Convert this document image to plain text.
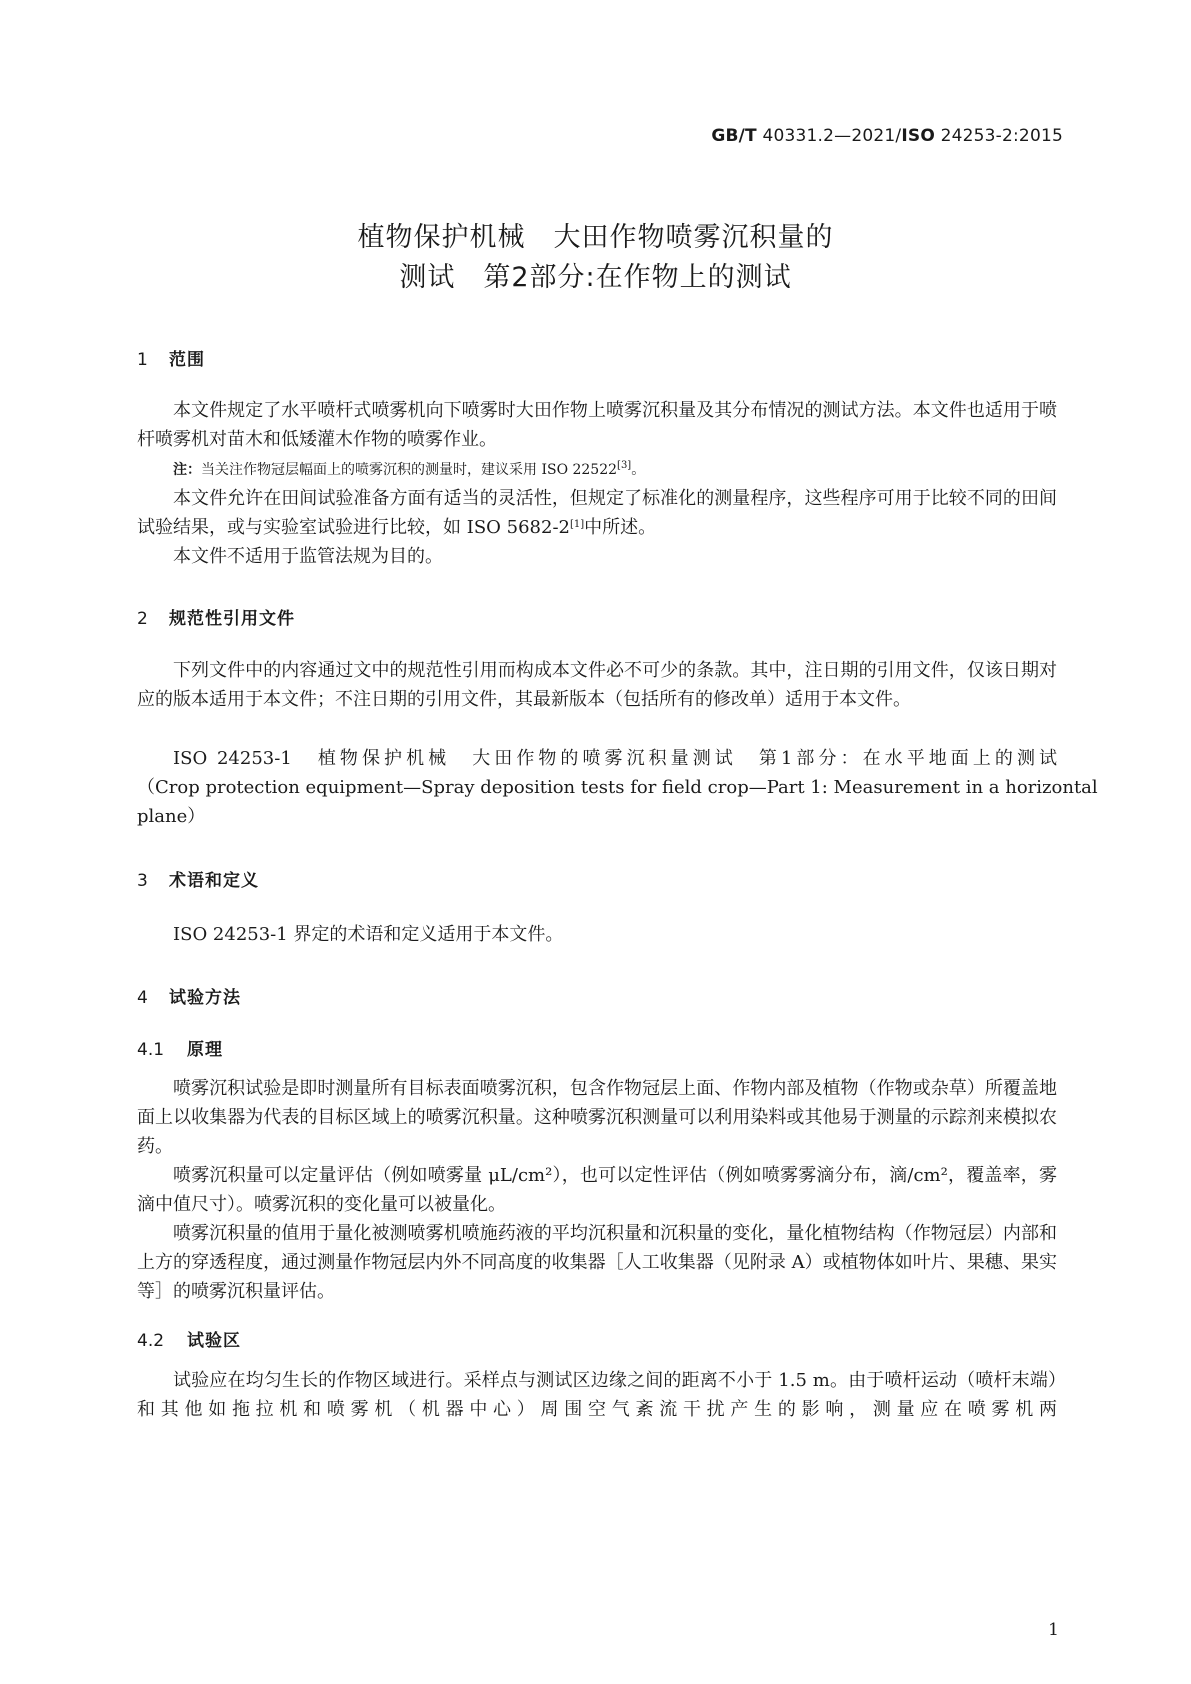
GB/T 40331.2—2021/ISO 24253-2:2015
植物保护机械　大田作物喷雾沉积量的
测试　第2部分:在作物上的测试
1 范围
本文件规定了水平喷杆式喷雾机向下喷雾时大田作物上喷雾沉积量及其分布情况的测试方法。本文件也适用于喷杆喷雾机对苗木和低矮灌木作物的喷雾作业。
注：当关注作物冠层幅面上的喷雾沉积的测量时，建议采用 ISO 22522[3]。
本文件允许在田间试验准备方面有适当的灵活性，但规定了标准化的测量程序，这些程序可用于比较不同的田间试验结果，或与实验室试验进行比较，如 ISO 5682-2[1]中所述。
本文件不适用于监管法规为目的。
2 规范性引用文件
下列文件中的内容通过文中的规范性引用而构成本文件必不可少的条款。其中，注日期的引用文件，仅该日期对应的版本适用于本文件；不注日期的引用文件，其最新版本（包括所有的修改单）适用于本文件。
ISO 24253-1　植物保护机械　大田作物的喷雾沉积量测试　第1部分：在水平地面上的测试
（Crop protection equipment—Spray deposition tests for field crop—Part 1: Measurement in a horizontal
plane）
3 术语和定义
ISO 24253-1 界定的术语和定义适用于本文件。
4 试验方法
4.1 原理
喷雾沉积试验是即时测量所有目标表面喷雾沉积，包含作物冠层上面、作物内部及植物（作物或杂草）所覆盖地面上以收集器为代表的目标区域上的喷雾沉积量。这种喷雾沉积测量可以利用染料或其他易于测量的示踪剂来模拟农药。
喷雾沉积量可以定量评估（例如喷雾量 μL/cm²），也可以定性评估（例如喷雾雾滴分布，滴/cm²，覆盖率，雾滴中值尺寸）。喷雾沉积的变化量可以被量化。
喷雾沉积量的值用于量化被测喷雾机喷施药液的平均沉积量和沉积量的变化，量化植物结构（作物冠层）内部和上方的穿透程度，通过测量作物冠层内外不同高度的收集器［人工收集器（见附录 A）或植物体如叶片、果穗、果实等］的喷雾沉积量评估。
4.2 试验区
试验应在均匀生长的作物区域进行。采样点与测试区边缘之间的距离不小于 1.5 m。由于喷杆运动（喷杆末端）和其他如拖拉机和喷雾机（机器中心）周围空气紊流干扰产生的影响，测量应在喷雾机两
1
